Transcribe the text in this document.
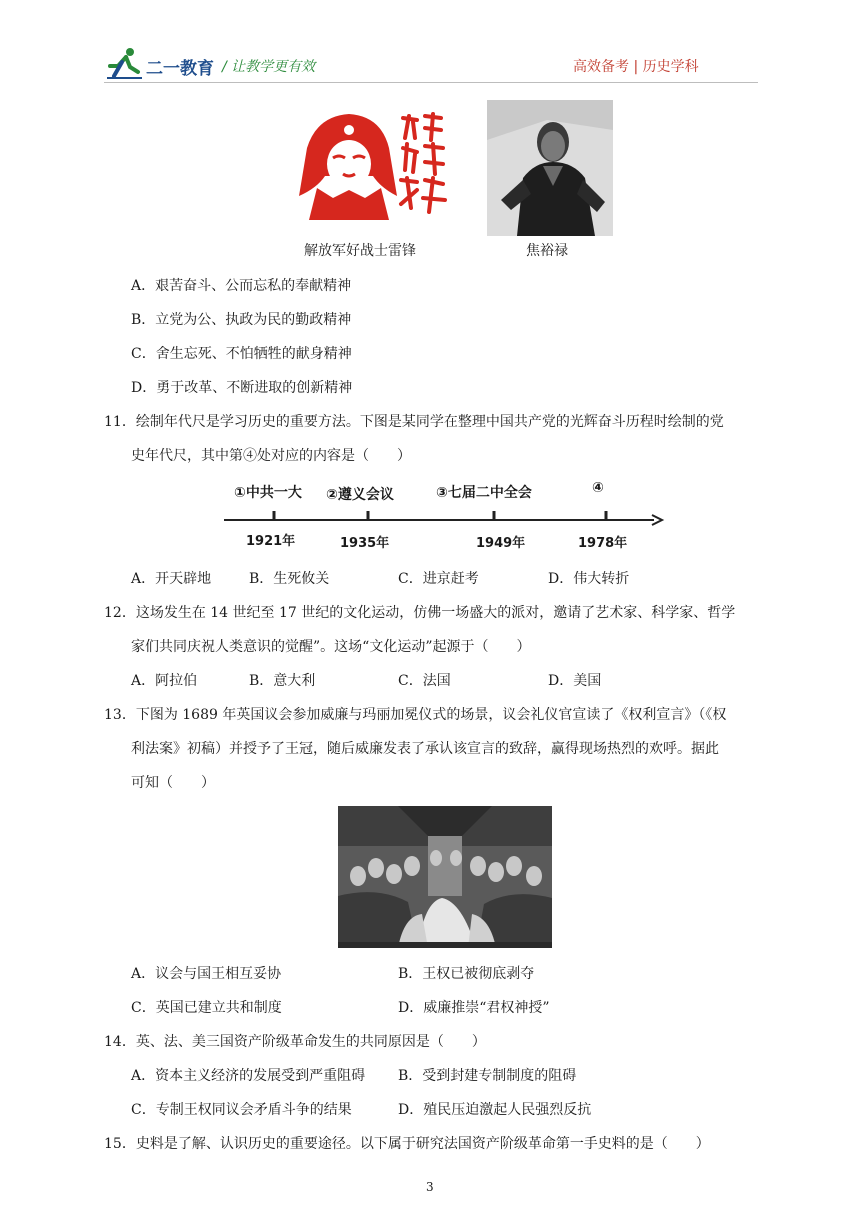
二一教育 / 让教学更有效	高效备考 | 历史学科
解放军好战士雷锋	焦裕禄
A．艰苦奋斗、公而忘私的奉献精神
B．立党为公、执政为民的勤政精神
C．舍生忘死、不怕牺牲的献身精神
D．勇于改革、不断进取的创新精神
11．绘制年代尺是学习历史的重要方法。下图是某同学在整理中国共产党的光辉奋斗历程时绘制的党
史年代尺，其中第④处对应的内容是（　　）
①中共一大 ②遵义会议	③七届二中全会	④
1921年	1935年	1949年	1978年
A．开天辟地	B．生死攸关	C．进京赶考	D．伟大转折
12．这场发生在 14 世纪至 17 世纪的文化运动，仿佛一场盛大的派对，邀请了艺术家、科学家、哲学
家们共同庆祝人类意识的觉醒”。这场“文化运动”起源于（　　）
A．阿拉伯	B．意大利	C．法国	D．美国
13．下图为 1689 年英国议会参加威廉与玛丽加冕仪式的场景，议会礼仪官宣读了《权利宣言》（《权
利法案》初稿）并授予了王冠，随后威廉发表了承认该宣言的致辞，赢得现场热烈的欢呼。据此
可知（　　）
A．议会与国王相互妥协	B．王权已被彻底剥夺
C．英国已建立共和制度	D．威廉推崇“君权神授”
14．英、法、美三国资产阶级革命发生的共同原因是（　　）
A．资本主义经济的发展受到严重阻碍 B．受到封建专制制度的阻碍
C．专制王权同议会矛盾斗争的结果	D．殖民压迫激起人民强烈反抗
15．史料是了解、认识历史的重要途径。以下属于研究法国资产阶级革命第一手史料的是（　　）
3
